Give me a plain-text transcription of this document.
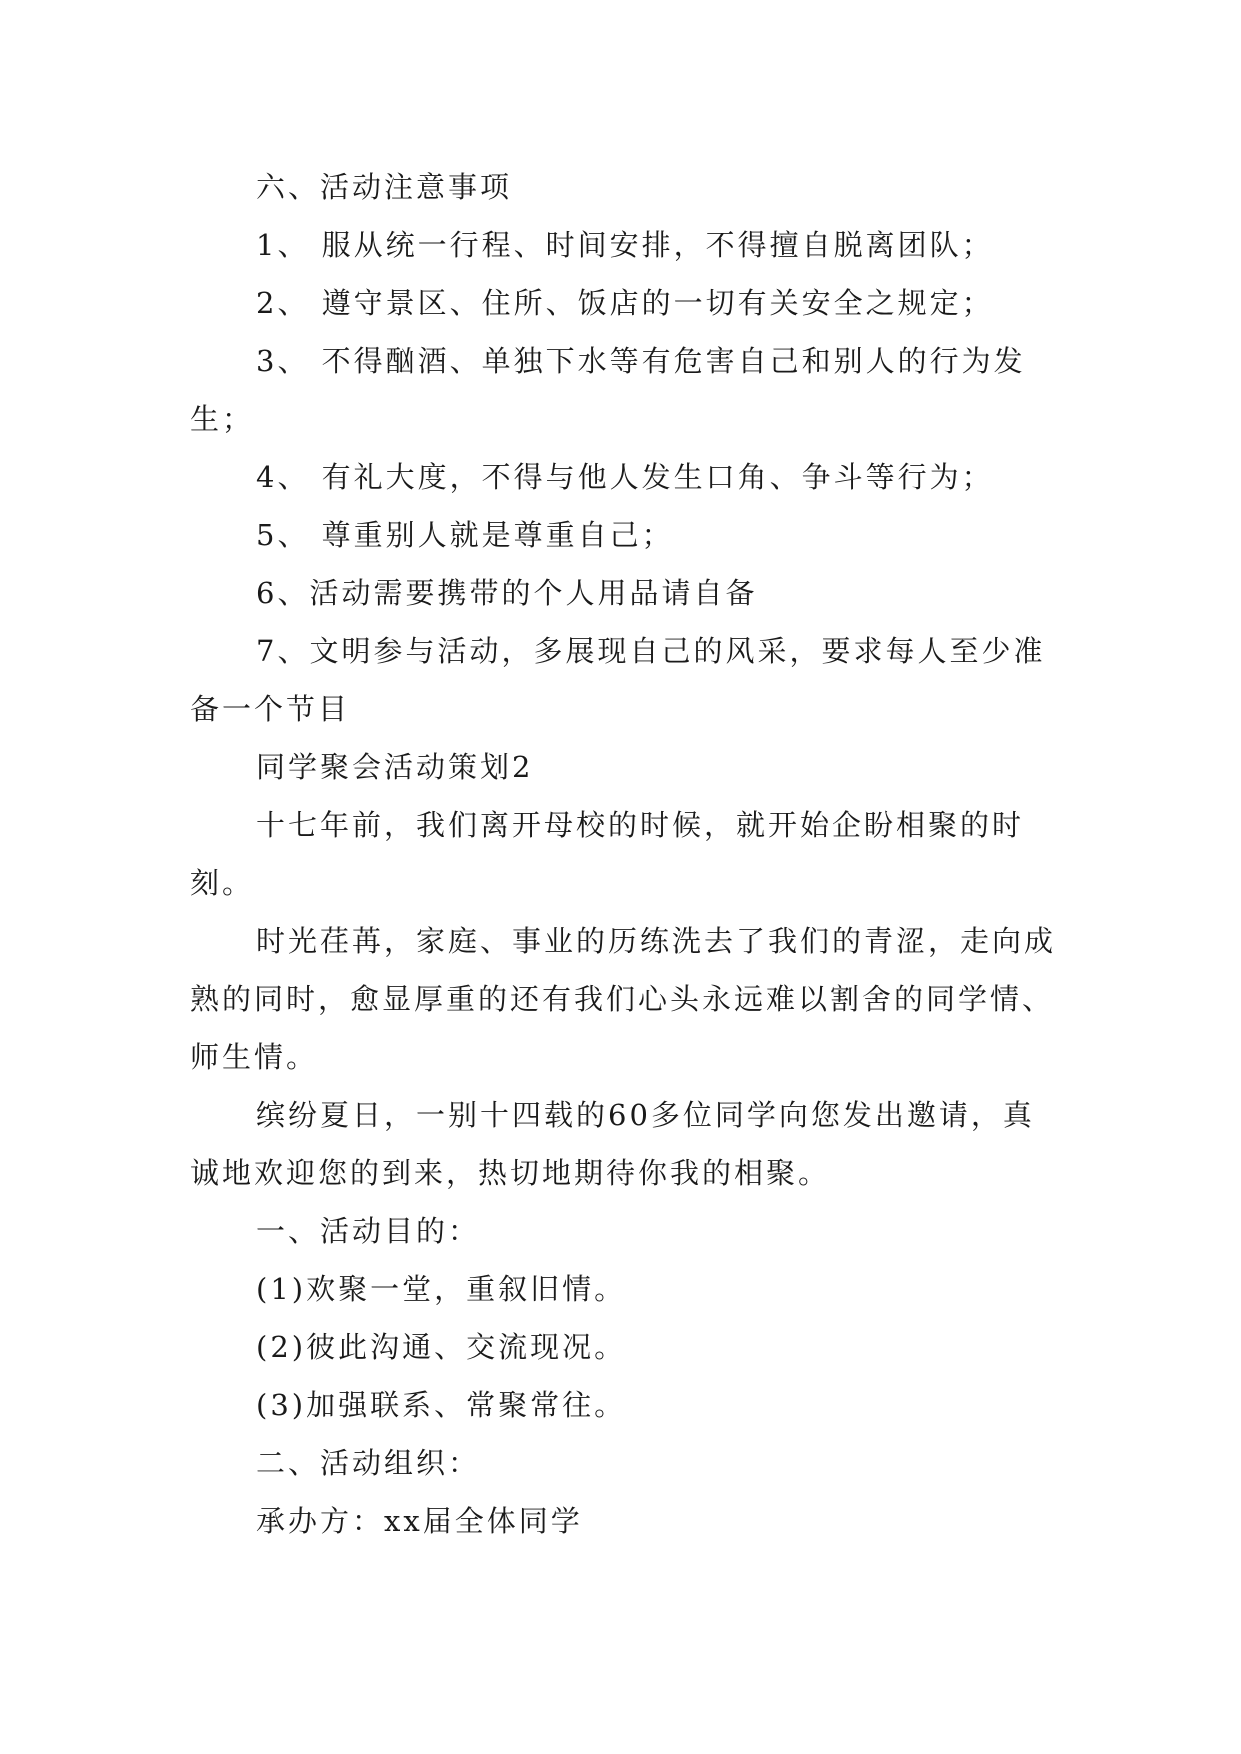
六、活动注意事项

1、 服从统一行程、时间安排，不得擅自脱离团队；

2、 遵守景区、住所、饭店的一切有关安全之规定；

3、 不得酗酒、单独下水等有危害自己和别人的行为发生；

4、 有礼大度，不得与他人发生口角、争斗等行为；

5、 尊重别人就是尊重自己；

6、活动需要携带的个人用品请自备

7、文明参与活动，多展现自己的风采，要求每人至少准备一个节目

同学聚会活动策划2

十七年前，我们离开母校的时候，就开始企盼相聚的时刻。

时光荏苒，家庭、事业的历练洗去了我们的青涩，走向成熟的同时，愈显厚重的还有我们心头永远难以割舍的同学情、师生情。

缤纷夏日，一别十四载的60多位同学向您发出邀请，真诚地欢迎您的到来，热切地期待你我的相聚。

一、活动目的：

(1)欢聚一堂，重叙旧情。

(2)彼此沟通、交流现况。

(3)加强联系、常聚常往。

二、活动组织：

承办方：xx届全体同学
